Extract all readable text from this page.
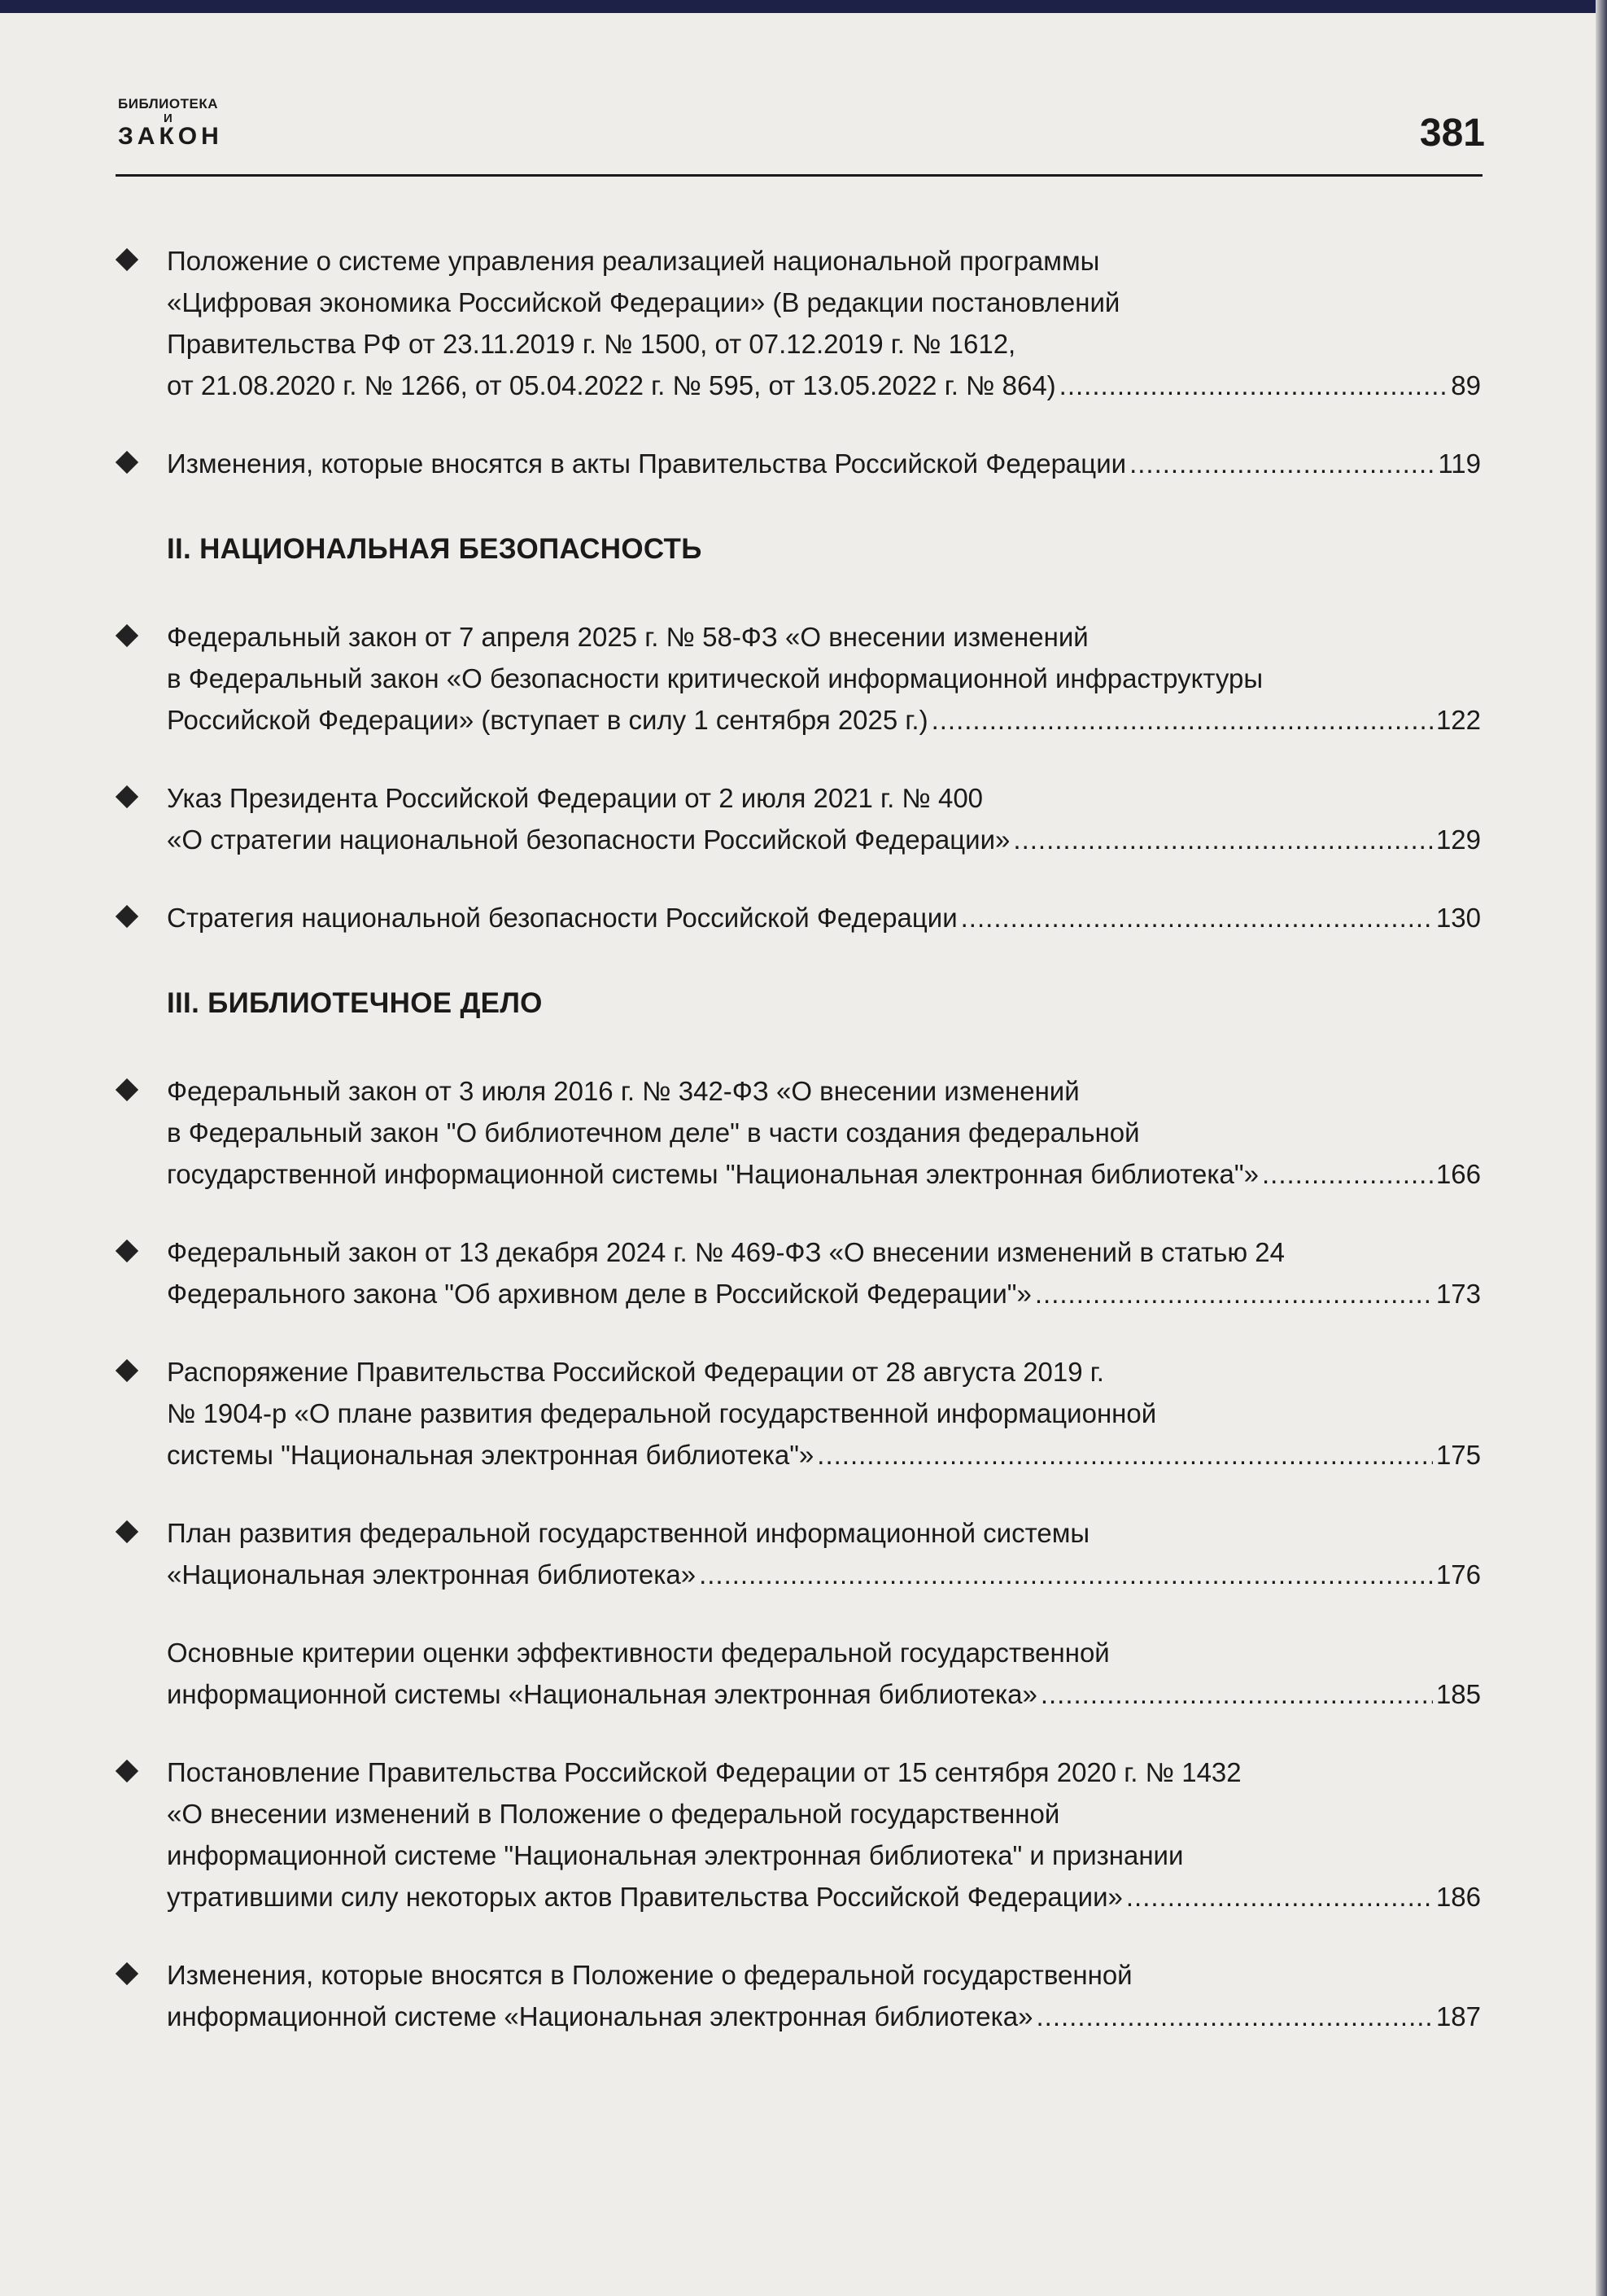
БИБЛИОТЕКА
И
ЗАКОН	381
Положение о системе управления реализацией национальной программы
«Цифровая экономика Российской Федерации» (В редакции постановлений
Правительства РФ от 23.11.2019 г. № 1500, от 07.12.2019 г. № 1612,
от 21.08.2020 г. № 1266, от 05.04.2022 г. № 595, от 13.05.2022 г. № 864) .....	89
Изменения, которые вносятся в акты Правительства Российской Федерации .....	119
II. НАЦИОНАЛЬНАЯ БЕЗОПАСНОСТЬ
Федеральный закон от 7 апреля 2025 г. № 58-ФЗ «О внесении изменений
в Федеральный закон «О безопасности критической информационной инфраструктуры
Российской Федерации» (вступает в силу 1 сентября 2025 г.) .....	122
Указ Президента Российской Федерации от 2 июля 2021 г. № 400
«О стратегии национальной безопасности Российской Федерации» .....	129
Стратегия национальной безопасности Российской Федерации .....	130
III. БИБЛИОТЕЧНОЕ ДЕЛО
Федеральный закон от 3 июля 2016 г. № 342-ФЗ «О внесении изменений
в Федеральный закон "О библиотечном деле" в части создания федеральной
государственной информационной системы "Национальная электронная библиотека"» .....	166
Федеральный закон от 13 декабря 2024 г. № 469-ФЗ «О внесении изменений в статью 24
Федерального закона "Об архивном деле в Российской Федерации"» .....	173
Распоряжение Правительства Российской Федерации от 28 августа 2019 г.
№ 1904-р «О плане развития федеральной государственной информационной
системы "Национальная электронная библиотека"» .....	175
План развития федеральной государственной информационной системы
«Национальная электронная библиотека» .....	176
Основные критерии оценки эффективности федеральной государственной
информационной системы «Национальная электронная библиотека» .....	185
Постановление Правительства Российской Федерации от 15 сентября 2020 г. № 1432
«О внесении изменений в Положение о федеральной государственной
информационной системе "Национальная электронная библиотека" и признании
утратившими силу некоторых актов Правительства Российской Федерации» .....	186
Изменения, которые вносятся в Положение о федеральной государственной
информационной системе «Национальная электронная библиотека» .....	187
